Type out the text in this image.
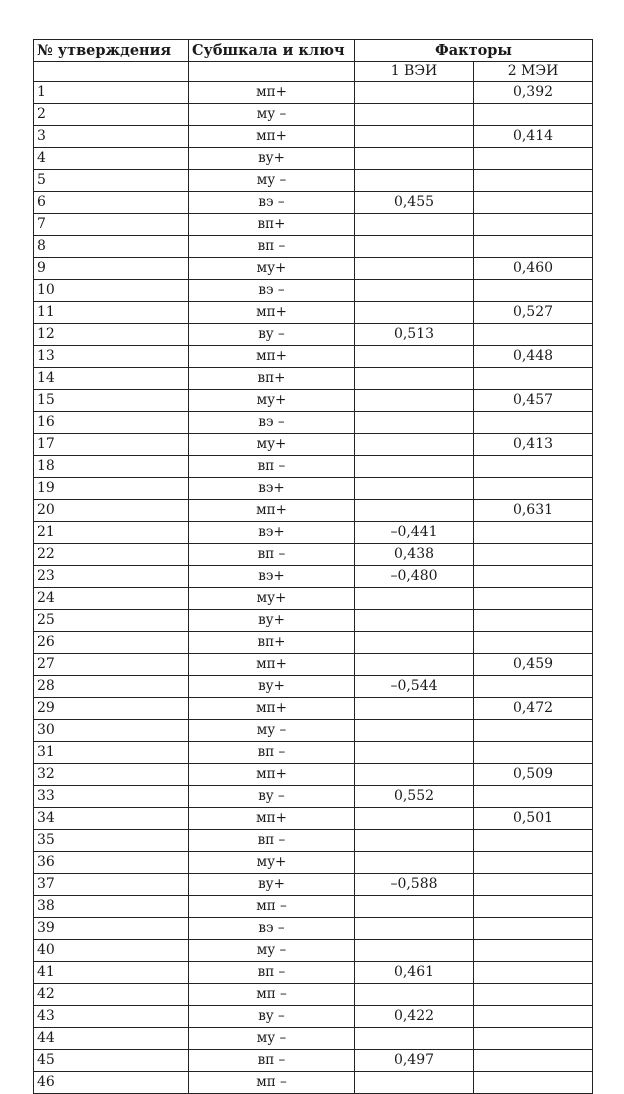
№ утверждения	Субшкала и ключ	Факторы	
		1 ВЭИ	2 МЭИ
1	мп+		0,392
2	му –		
3	мп+		0,414
4	ву+		
5	му –		
6	вэ –	0,455	
7	вп+		
8	вп –		
9	му+		0,460
10	вэ –		
11	мп+		0,527
12	ву –	0,513	
13	мп+		0,448
14	вп+		
15	му+		0,457
16	вэ –		
17	му+		0,413
18	вп –		
19	вэ+		
20	мп+		0,631
21	вэ+	–0,441	
22	вп –	0,438	
23	вэ+	–0,480	
24	му+		
25	ву+		
26	вп+		
27	мп+		0,459
28	ву+	–0,544	
29	мп+		0,472
30	му –		
31	вп –		
32	мп+		0,509
33	ву –	0,552	
34	мп+		0,501
35	вп –		
36	му+		
37	ву+	–0,588	
38	мп –		
39	вэ –		
40	му –		
41	вп –	0,461	
42	мп –		
43	ву –	0,422	
44	му –		
45	вп –	0,497	
46	мп –		
